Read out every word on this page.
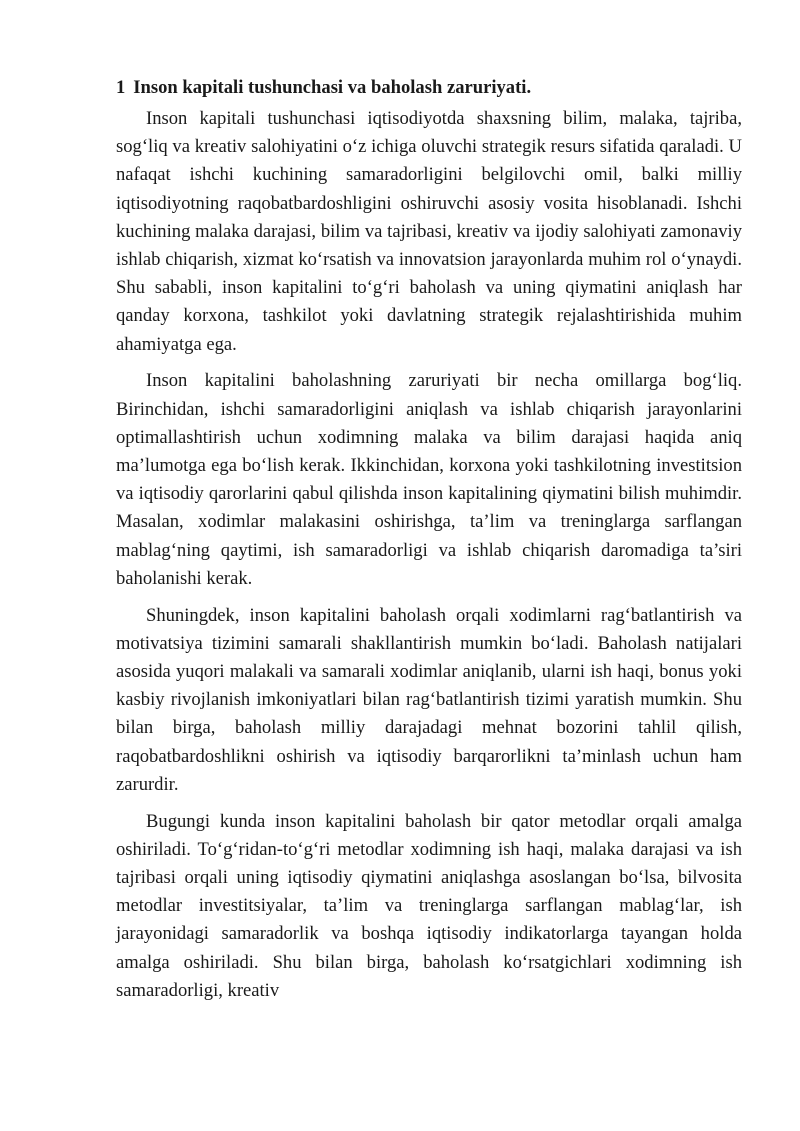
1 Inson kapitali tushunchasi va baholash zaruriyati.

Inson kapitali tushunchasi iqtisodiyotda shaxsning bilim, malaka, tajriba, sog‘liq va kreativ salohiyatini o‘z ichiga oluvchi strategik resurs sifatida qaraladi. U nafaqat ishchi kuchining samaradorligini belgilovchi omil, balki milliy iqtisodiyotning raqobatbardoshligini oshiruvchi asosiy vosita hisoblanadi. Ishchi kuchining malaka darajasi, bilim va tajribasi, kreativ va ijodiy salohiyati zamonaviy ishlab chiqarish, xizmat ko‘rsatish va innovatsion jarayonlarda muhim rol o‘ynaydi. Shu sababli, inson kapitalini to‘g‘ri baholash va uning qiymatini aniqlash har qanday korxona, tashkilot yoki davlatning strategik rejalashtirishida muhim ahamiyatga ega.

Inson kapitalini baholashning zaruriyati bir necha omillarga bog‘liq. Birinchidan, ishchi samaradorligini aniqlash va ishlab chiqarish jarayonlarini optimallashtirish uchun xodimning malaka va bilim darajasi haqida aniq ma’lumotga ega bo‘lish kerak. Ikkinchidan, korxona yoki tashkilotning investitsion va iqtisodiy qarorlarini qabul qilishda inson kapitalining qiymatini bilish muhimdir. Masalan, xodimlar malakasini oshirishga, ta’lim va treninglarga sarflangan mablag‘ning qaytimi, ish samaradorligi va ishlab chiqarish daromadiga ta’siri baholanishi kerak.

Shuningdek, inson kapitalini baholash orqali xodimlarni rag‘batlantirish va motivatsiya tizimini samarali shakllantirish mumkin bo‘ladi. Baholash natijalari asosida yuqori malakali va samarali xodimlar aniqlanib, ularni ish haqi, bonus yoki kasbiy rivojlanish imkoniyatlari bilan rag‘batlantirish tizimi yaratish mumkin. Shu bilan birga, baholash milliy darajadagi mehnat bozorini tahlil qilish, raqobatbardoshlikni oshirish va iqtisodiy barqarorlikni ta’minlash uchun ham zarurdir.

Bugungi kunda inson kapitalini baholash bir qator metodlar orqali amalga oshiriladi. To‘g‘ridan-to‘g‘ri metodlar xodimning ish haqi, malaka darajasi va ish tajribasi orqali uning iqtisodiy qiymatini aniqlashga asoslangan bo‘lsa, bilvosita metodlar investitsiyalar, ta’lim va treninglarga sarflangan mablag‘lar, ish jarayonidagi samaradorlik va boshqa iqtisodiy indikatorlarga tayangan holda amalga oshiriladi. Shu bilan birga, baholash ko‘rsatgichlari xodimning ish samaradorligi, kreativ
